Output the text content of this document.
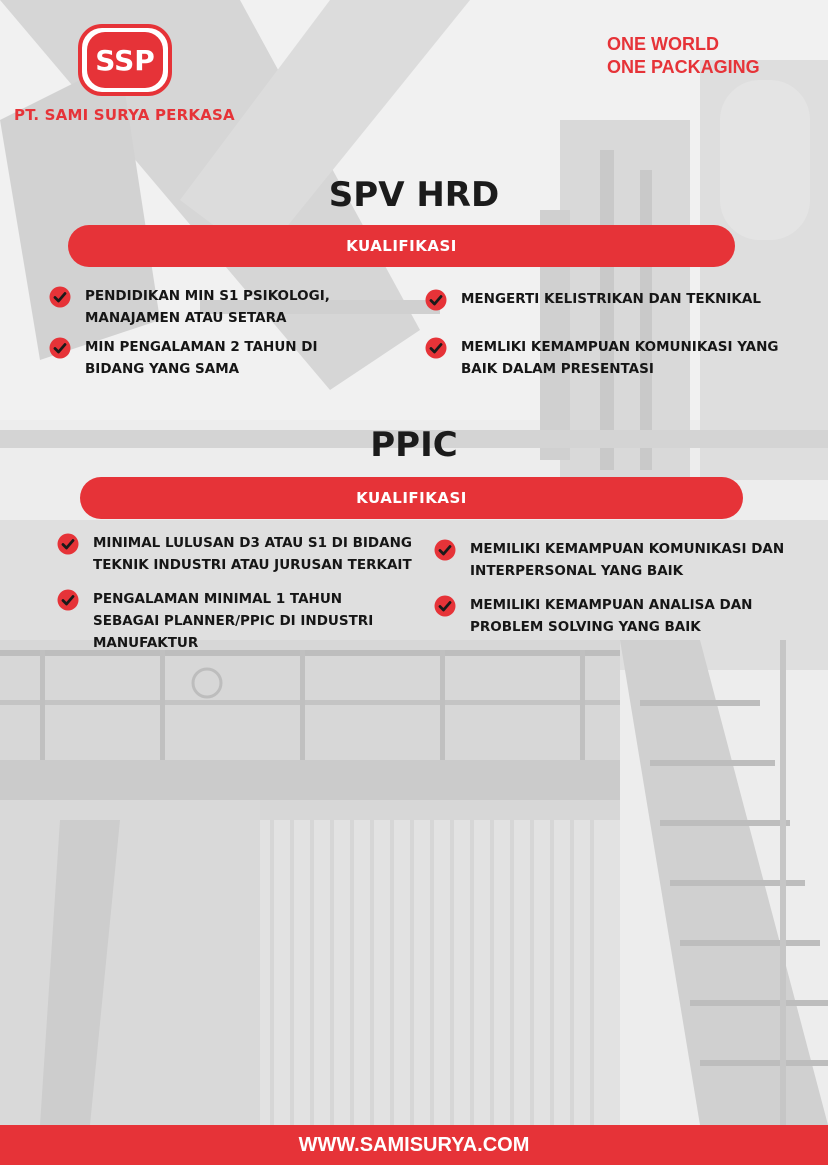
SSP
PT. SAMI SURYA PERKASA
ONE WORLD
ONE PACKAGING
SPV HRD
KUALIFIKASI
PENDIDIKAN MIN S1 PSIKOLOGI, MANAJAMEN ATAU SETARA
MIN PENGALAMAN 2 TAHUN DI BIDANG YANG SAMA
MENGERTI KELISTRIKAN DAN TEKNIKAL
MEMLIKI KEMAMPUAN KOMUNIKASI YANG BAIK DALAM PRESENTASI
PPIC
KUALIFIKASI
MINIMAL LULUSAN D3 ATAU S1 DI BIDANG TEKNIK INDUSTRI ATAU JURUSAN TERKAIT
PENGALAMAN MINIMAL 1 TAHUN SEBAGAI PLANNER/PPIC DI INDUSTRI MANUFAKTUR
MEMILIKI KEMAMPUAN KOMUNIKASI DAN INTERPERSONAL YANG BAIK
MEMILIKI KEMAMPUAN ANALISA DAN PROBLEM SOLVING YANG BAIK
WWW.SAMISURYA.COM
